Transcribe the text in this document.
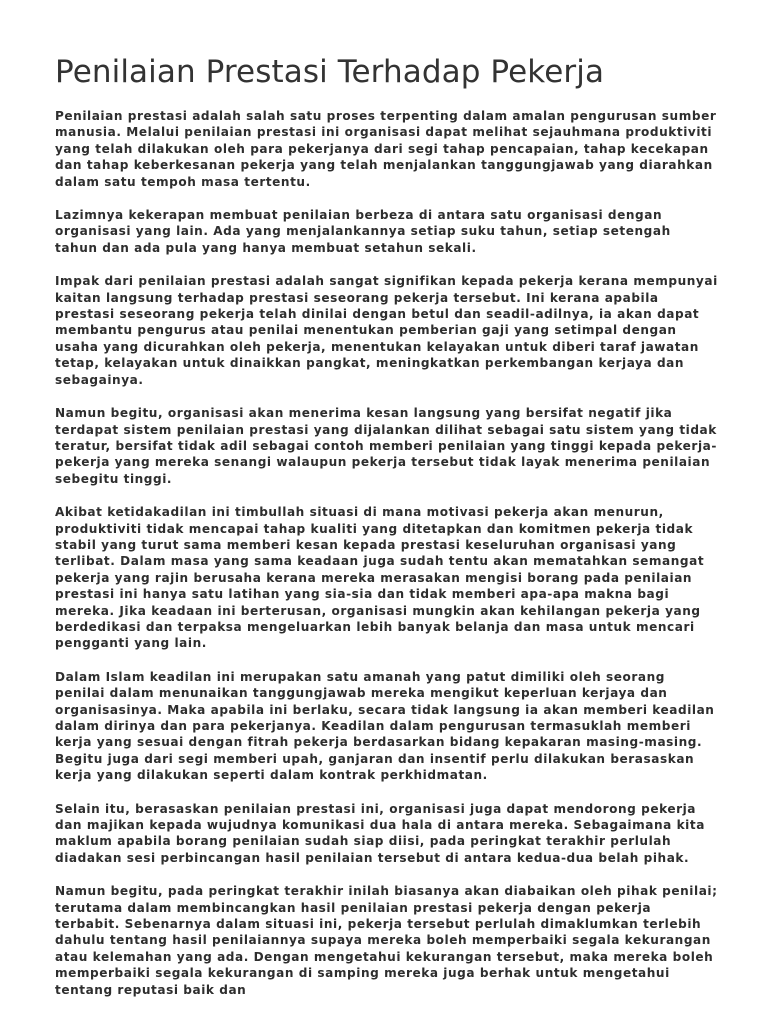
Penilaian Prestasi Terhadap Pekerja

Penilaian prestasi adalah salah satu proses terpenting dalam amalan pengurusan sumber manusia. Melalui penilaian prestasi ini organisasi dapat melihat sejauhmana produktiviti yang telah dilakukan oleh para pekerjanya dari segi tahap pencapaian, tahap kecekapan dan tahap keberkesanan pekerja yang telah menjalankan tanggungjawab yang diarahkan dalam satu tempoh masa tertentu.

Lazimnya kekerapan membuat penilaian berbeza di antara satu organisasi dengan organisasi yang lain. Ada yang menjalankannya setiap suku tahun, setiap setengah tahun dan ada pula yang hanya membuat setahun sekali.

Impak dari penilaian prestasi adalah sangat signifikan kepada pekerja kerana mempunyai kaitan langsung terhadap prestasi seseorang pekerja tersebut. Ini kerana apabila prestasi seseorang pekerja telah dinilai dengan betul dan seadil-adilnya, ia akan dapat membantu pengurus atau penilai menentukan pemberian gaji yang setimpal dengan usaha yang dicurahkan oleh pekerja, menentukan kelayakan untuk diberi taraf jawatan tetap, kelayakan untuk dinaikkan pangkat, meningkatkan perkembangan kerjaya dan sebagainya.

Namun begitu, organisasi akan menerima kesan langsung yang bersifat negatif jika terdapat sistem penilaian prestasi yang dijalankan dilihat sebagai satu sistem yang tidak teratur, bersifat tidak adil sebagai contoh memberi penilaian yang tinggi kepada pekerja-pekerja yang mereka senangi walaupun pekerja tersebut tidak layak menerima penilaian sebegitu tinggi.

Akibat ketidakadilan ini timbullah situasi di mana motivasi pekerja akan menurun, produktiviti tidak mencapai tahap kualiti yang ditetapkan dan komitmen pekerja tidak stabil yang turut sama memberi kesan kepada prestasi keseluruhan organisasi yang terlibat. Dalam masa yang sama keadaan juga sudah tentu akan mematahkan semangat pekerja yang rajin berusaha kerana mereka merasakan mengisi borang pada penilaian prestasi ini hanya satu latihan yang sia-sia dan tidak memberi apa-apa makna bagi mereka. Jika keadaan ini berterusan, organisasi mungkin akan kehilangan pekerja yang berdedikasi dan terpaksa mengeluarkan lebih banyak belanja dan masa untuk mencari pengganti yang lain.

Dalam Islam keadilan ini merupakan satu amanah yang patut dimiliki oleh seorang penilai dalam menunaikan tanggungjawab mereka mengikut keperluan kerjaya dan organisasinya. Maka apabila ini berlaku, secara tidak langsung ia akan memberi keadilan dalam dirinya dan para pekerjanya. Keadilan dalam pengurusan termasuklah memberi kerja yang sesuai dengan fitrah pekerja berdasarkan bidang kepakaran masing-masing. Begitu juga dari segi memberi upah, ganjaran dan insentif perlu dilakukan berasaskan kerja yang dilakukan seperti dalam kontrak perkhidmatan.

Selain itu, berasaskan penilaian prestasi ini, organisasi juga dapat mendorong pekerja dan majikan kepada wujudnya komunikasi dua hala di antara mereka. Sebagaimana kita maklum apabila borang penilaian sudah siap diisi, pada peringkat terakhir perlulah diadakan sesi perbincangan hasil penilaian tersebut di antara kedua-dua belah pihak.

Namun begitu, pada peringkat terakhir inilah biasanya akan diabaikan oleh pihak penilai; terutama dalam membincangkan hasil penilaian prestasi pekerja dengan pekerja terbabit. Sebenarnya dalam situasi ini, pekerja tersebut perlulah dimaklumkan terlebih dahulu tentang hasil penilaiannya supaya mereka boleh memperbaiki segala kekurangan atau kelemahan yang ada. Dengan mengetahui kekurangan tersebut, maka mereka boleh memperbaiki segala kekurangan di samping mereka juga berhak untuk mengetahui tentang reputasi baik dan
